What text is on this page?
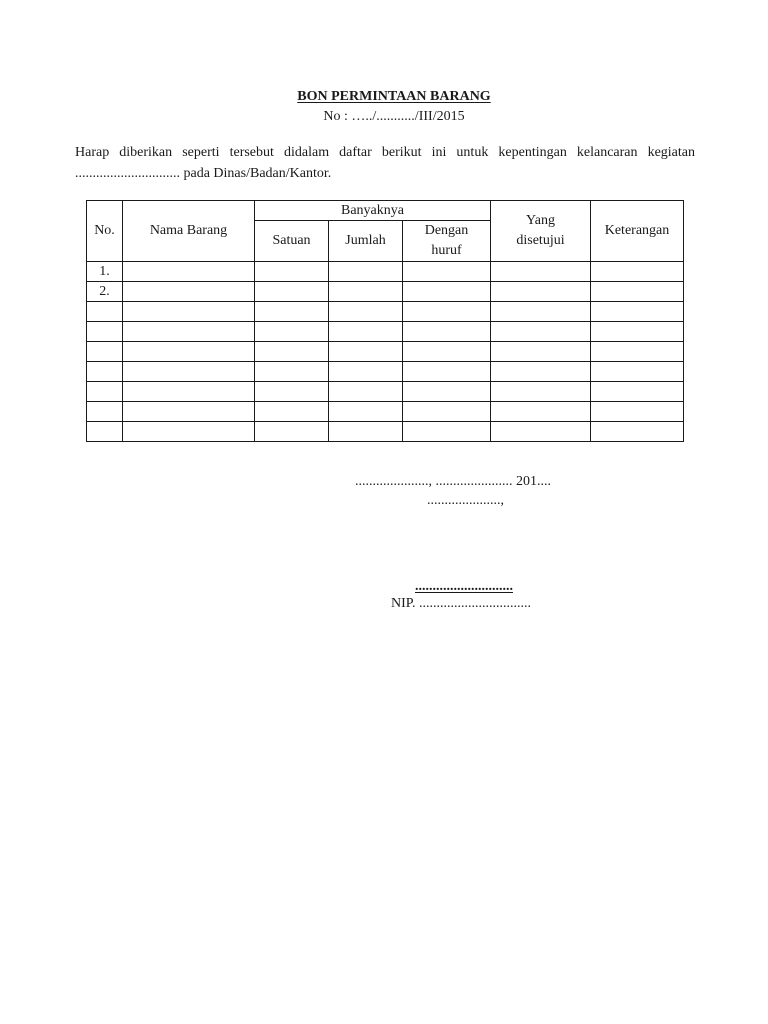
BON PERMINTAAN BARANG
No : …../.........../III/2015
Harap diberikan seperti tersebut didalam daftar berikut ini untuk kepentingan kelancaran kegiatan
.............................. pada Dinas/Badan/Kantor.
No.	Nama Barang	Banyaknya			Yang disetujui	Keterangan
		Satuan	Jumlah	Dengan huruf		
1.						
2.						

....................., ...................... 201....
.....................,
............................
NIP. ................................
